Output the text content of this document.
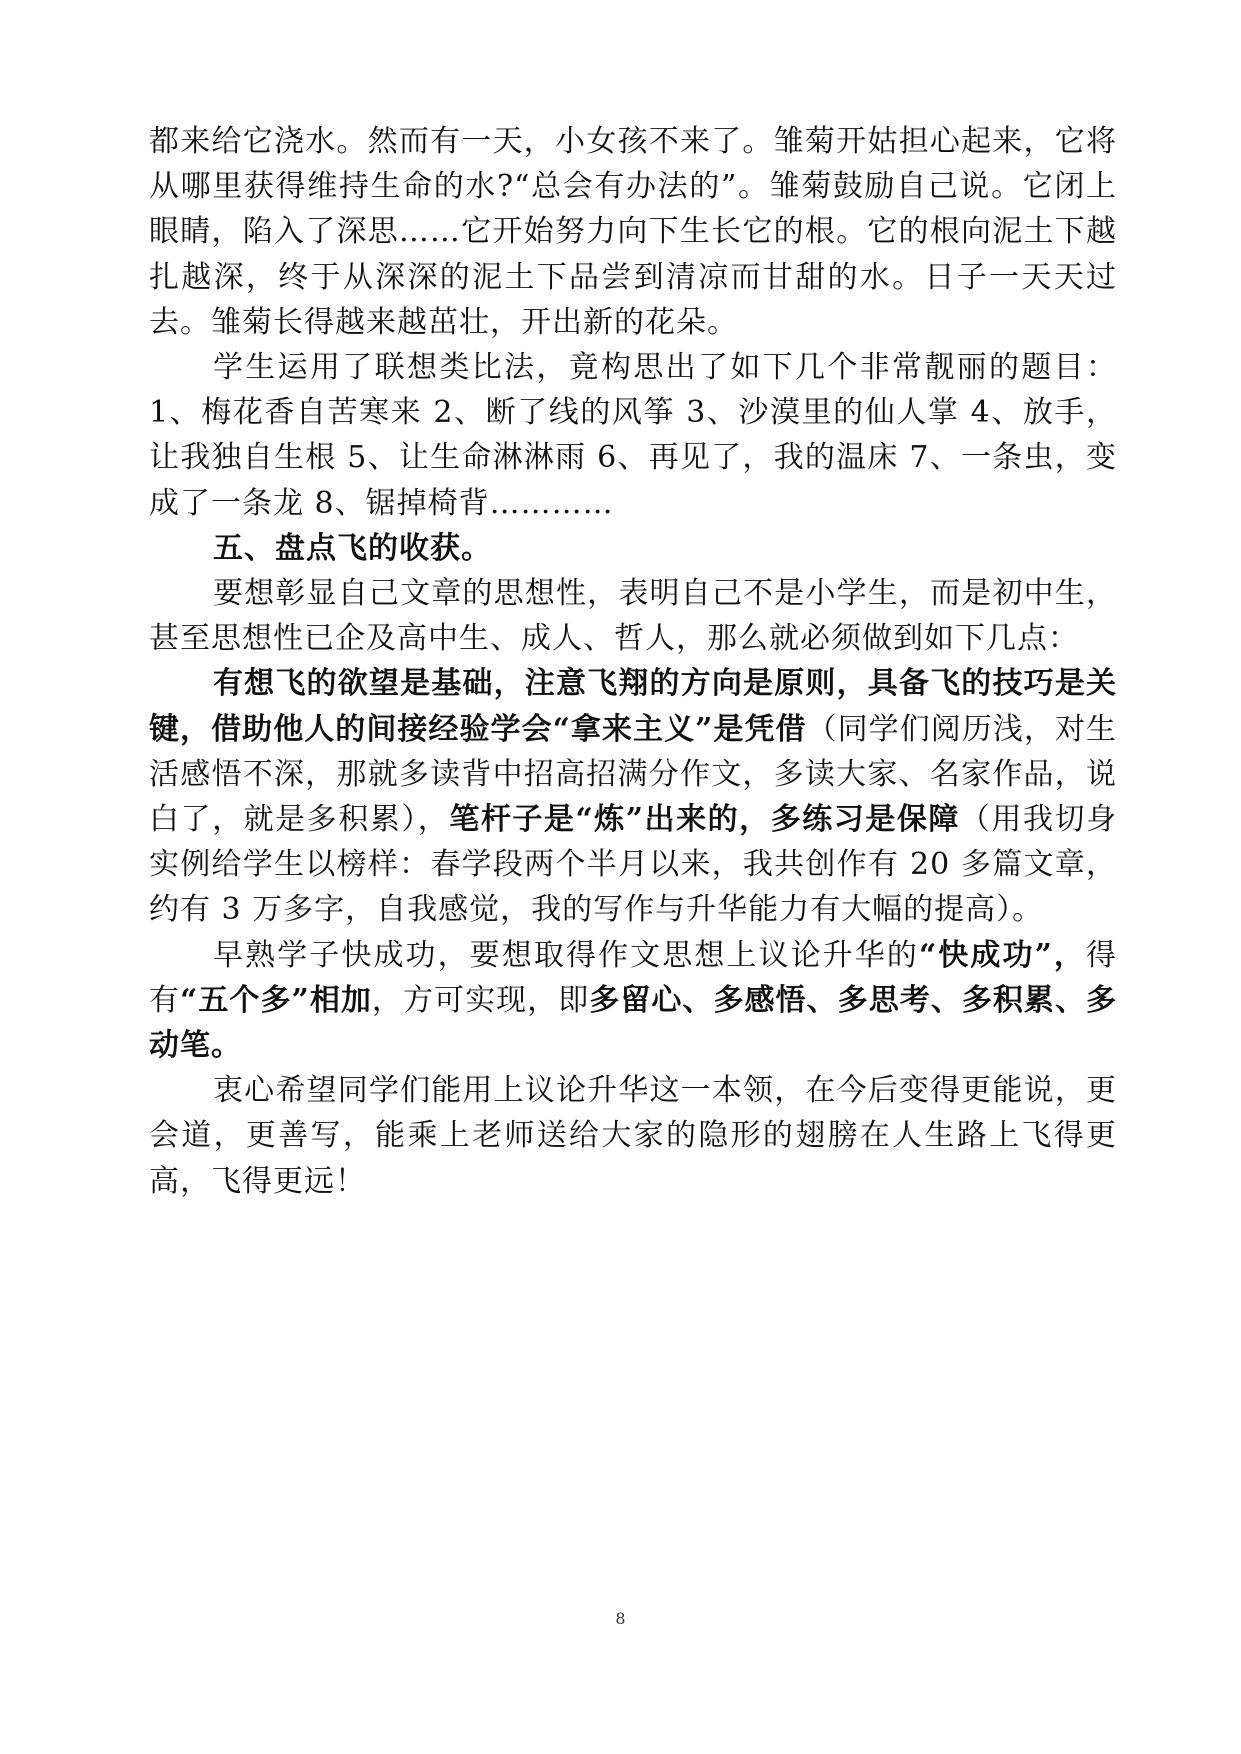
都来给它浇水。然而有一天，小女孩不来了。雏菊开姑担心起来，它将从哪里获得维持生命的水?“总会有办法的”。雏菊鼓励自己说。它闭上眼睛，陷入了深思……它开始努力向下生长它的根。它的根向泥土下越扎越深，终于从深深的泥土下品尝到清凉而甘甜的水。日子一天天过去。雏菊长得越来越茁壮，开出新的花朵。

学生运用了联想类比法，竟构思出了如下几个非常靓丽的题目：1、梅花香自苦寒来 2、断了线的风筝 3、沙漠里的仙人掌 4、放手，让我独自生根 5、让生命淋淋雨 6、再见了，我的温床 7、一条虫，变成了一条龙 8、锯掉椅背…………

五、盘点飞的收获。

要想彰显自己文章的思想性，表明自己不是小学生，而是初中生，甚至思想性已企及高中生、成人、哲人，那么就必须做到如下几点：

有想飞的欲望是基础，注意飞翔的方向是原则，具备飞的技巧是关键，借助他人的间接经验学会“拿来主义”是凭借（同学们阅历浅，对生活感悟不深，那就多读背中招高招满分作文，多读大家、名家作品，说白了，就是多积累），笔杆子是“炼”出来的，多练习是保障（用我切身实例给学生以榜样：春学段两个半月以来，我共创作有 20 多篇文章，约有 3 万多字，自我感觉，我的写作与升华能力有大幅的提高）。

早熟学子快成功，要想取得作文思想上议论升华的“快成功”，得有“五个多”相加，方可实现，即多留心、多感悟、多思考、多积累、多动笔。

衷心希望同学们能用上议论升华这一本领，在今后变得更能说，更会道，更善写，能乘上老师送给大家的隐形的翅膀在人生路上飞得更高，飞得更远！

8
